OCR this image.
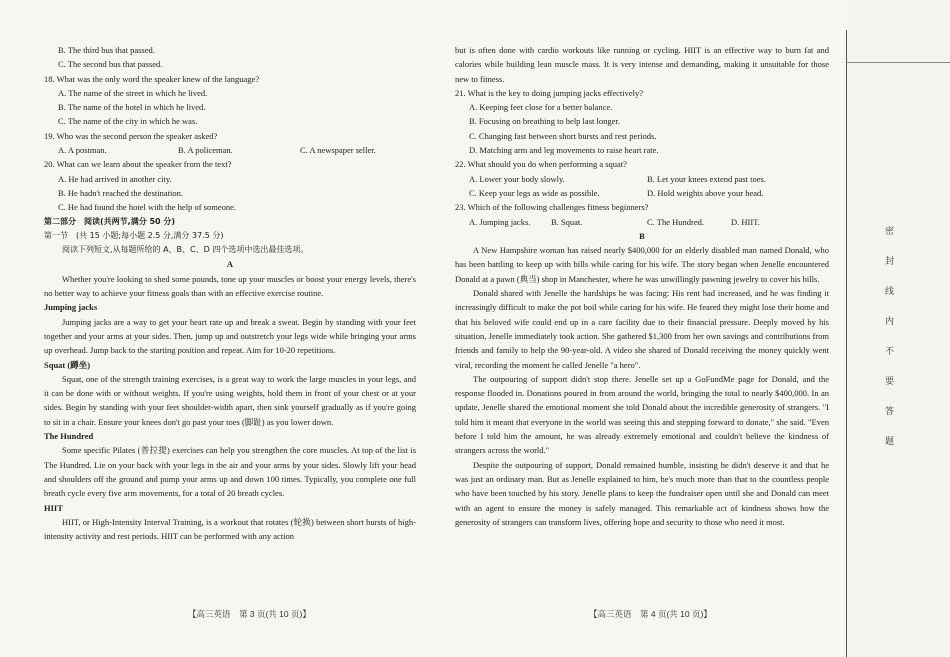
B. The third bus that passed.
C. The second bus that passed.
18. What was the only word the speaker knew of the language?
A. The name of the street in which he lived.
B. The name of the hotel in which he lived.
C. The name of the city in which he was.
19. Who was the second person the speaker asked?
A. A postman.	B. A policeman.	C. A newspaper seller.
20. What can we learn about the speaker from the text?
A. He had arrived in another city.
B. He hadn't reached the destination.
C. He had found the hotel with the help of someone.
第二部分　阅读(共两节,满分 50 分)
第一节　(共 15 小题;每小题 2.5 分,满分 37.5 分)
阅读下列短文,从每题所给的 A、B、C、D 四个选项中选出最佳选项。
A

Whether you're looking to shed some pounds, tone up your muscles or boost your energy levels, there's no better way to achieve your fitness goals than with an effective exercise routine.

Jumping jacks

Jumping jacks are a way to get your heart rate up and break a sweat. Begin by standing with your feet together and your arms at your sides. Then, jump up and outstretch your legs wide while bringing your arms up overhead. Jump back to the starting position and repeat. Aim for 10-20 repetitions.

Squat (蹲坐)

Squat, one of the strength training exercises, is a great way to work the large muscles in your legs, and it can be done with or without weights. If you're using weights, hold them in front of your chest or at your sides. Begin by standing with your feet shoulder-width apart, then sink yourself gradually as if you're going to sit in a chair. Ensure your knees don't go past your toes (脚趾) as you lower down.

The Hundred

Some specific Pilates (普拉提) exercises can help you strengthen the core muscles. At top of the list is The Hundred. Lie on your back with your legs in the air and your arms by your sides. Slowly lift your head and shoulders off the ground and pump your arms up and down 100 times. Typically, you complete one full breath cycle every five arm movements, for a total of 20 breath cycles.

HIIT

HIIT, or High-Intensity Interval Training, is a workout that rotates (轮换) between short bursts of high-intensity activity and rest periods. HIIT can be performed with any action

but is often done with cardio workouts like running or cycling. HIIT is an effective way to burn fat and calories while building lean muscle mass. It is very intense and demanding, making it unsuitable for those new to fitness.

21. What is the key to doing jumping jacks effectively?
A. Keeping feet close for a better balance.
B. Focusing on breathing to help last longer.
C. Changing fast between short bursts and rest periods.
D. Matching arm and leg movements to raise heart rate.
22. What should you do when performing a squat?
A. Lower your body slowly.	B. Let your knees extend past toes.
C. Keep your legs as wide as possible.	D. Hold weights above your head.
23. Which of the following challenges fitness beginners?
A. Jumping jacks.	B. Squat.	C. The Hundred.	D. HIIT.
B

A New Hampshire woman has raised nearly $400,000 for an elderly disabled man named Donald, who has been battling to keep up with bills while caring for his wife. The story began when Jenelle encountered Donald at a pawn (典当) shop in Manchester, where he was unwillingly pawning jewelry to cover his bills.

Donald shared with Jenelle the hardships he was facing: His rent had increased, and he was finding it increasingly difficult to make the pot boil while caring for his wife. He feared they might lose their home and that his beloved wife could end up in a care facility due to their financial pressure. Deeply moved by his situation, Jenelle immediately took action. She gathered $1,300 from her own savings and contributions from friends and family to help the 90-year-old. A video she shared of Donald receiving the money quickly went viral, recording the moment he called Jenelle "a hero".

The outpouring of support didn't stop there. Jenelle set up a GoFundMe page for Donald, and the response flooded in. Donations poured in from around the world, bringing the total to nearly $400,000. In an update, Jenelle shared the emotional moment she told Donald about the incredible generosity of strangers. "I told him it meant that everyone in the world was seeing this and stepping forward to donate," she said. "Even before I told him the amount, he was already extremely emotional and couldn't believe the kindness of strangers across the world."

Despite the outpouring of support, Donald remained humble, insisting he didn't deserve it and that he was just an ordinary man. But as Jenelle explained to him, he's much more than that to the countless people who have been touched by his story. Jenelle plans to keep the fundraiser open until she and Donald can meet with an agent to ensure the money is safely managed. This remarkable act of kindness shows how the generosity of strangers can transform lives, offering hope and security to those who need it most.

【高三英语　第 3 页(共 10 页)】	【高三英语　第 4 页(共 10 页)】
密
封
线
内
不
要
答
题
